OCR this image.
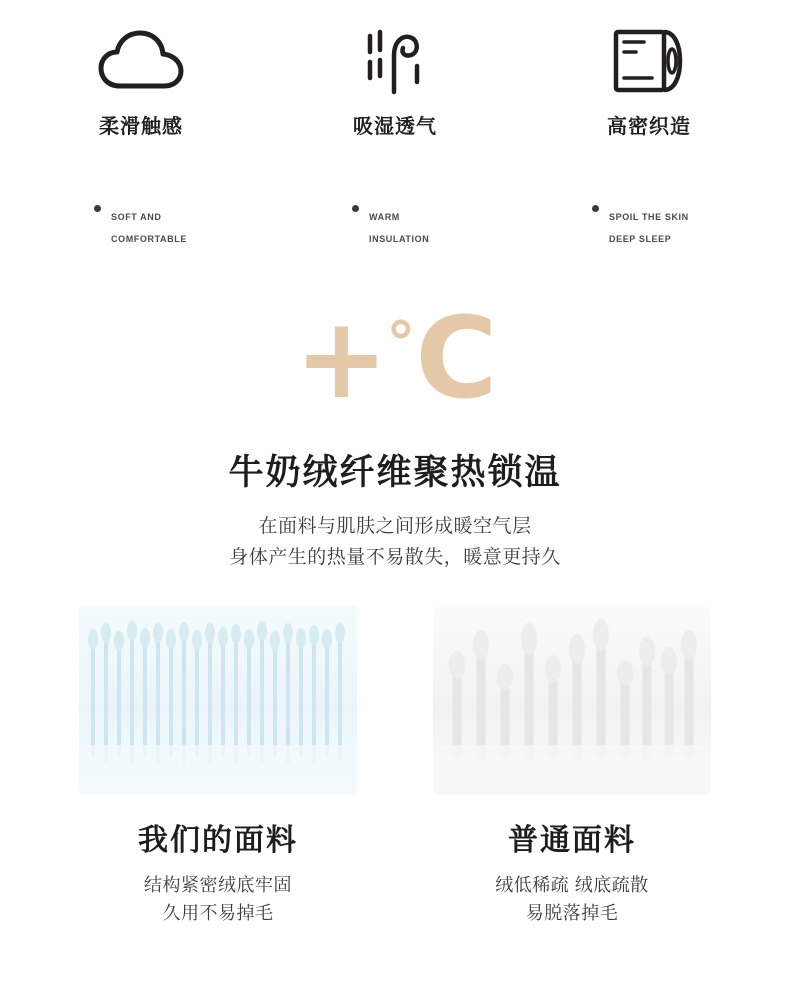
柔滑触感	吸湿透气	高密织造

SOFT AND

COMFORTABLE

WARM

INSULATION

SPOIL THE SKIN

DEEP SLEEP

+°C
牛奶绒纤维聚热锁温
在面料与肌肤之间形成暖空气层
身体产生的热量不易散失，暖意更持久
我们的面料
结构紧密绒底牢固
久用不易掉毛
普通面料
绒低稀疏 绒底疏散
易脱落掉毛
